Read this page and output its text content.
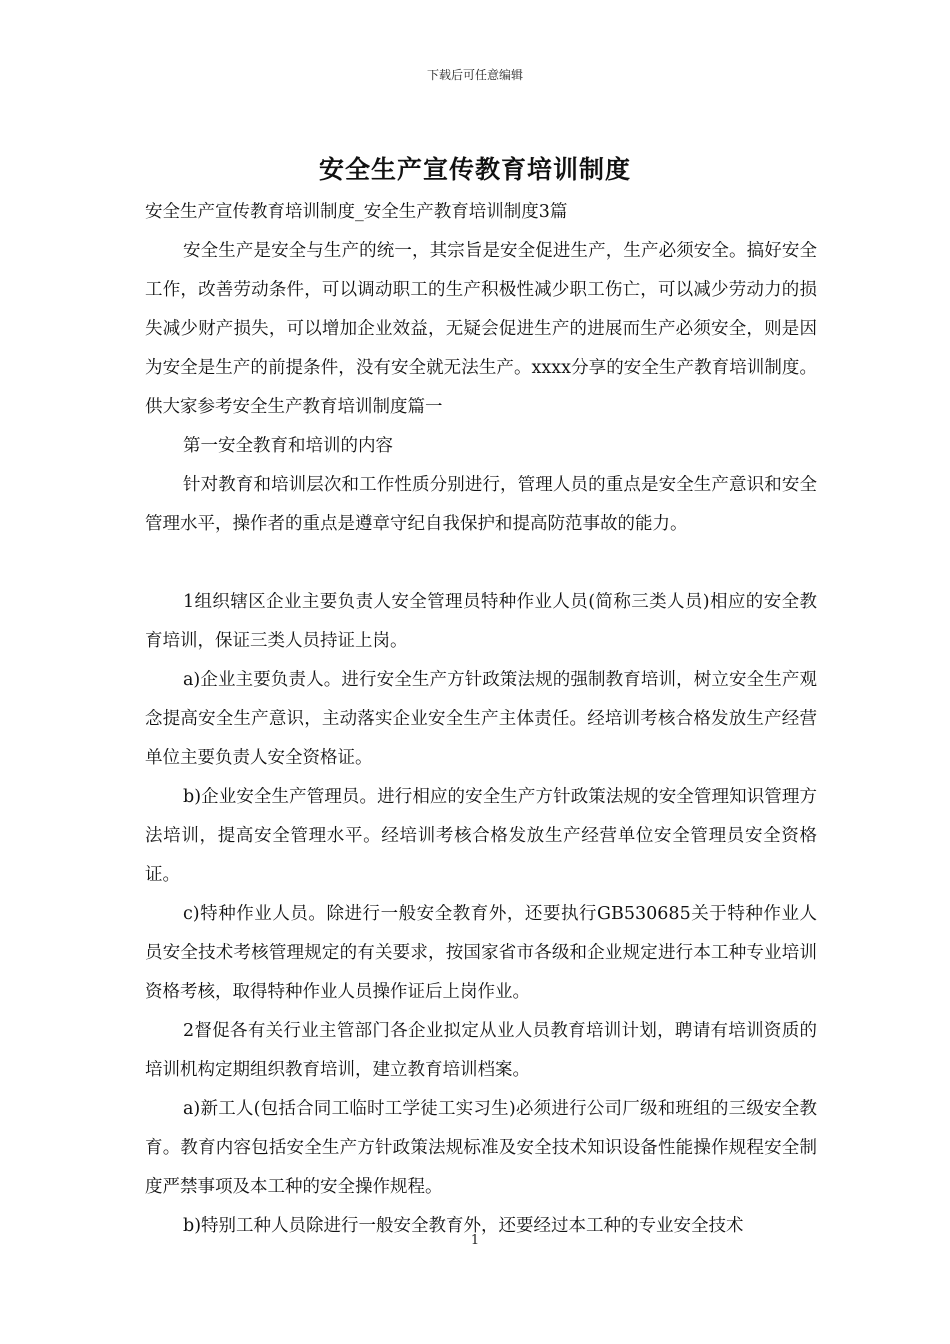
下载后可任意编辑
安全生产宣传教育培训制度

安全生产宣传教育培训制度_安全生产教育培训制度3篇

安全生产是安全与生产的统一，其宗旨是安全促进生产，生产必须安全。搞好安全工作，改善劳动条件，可以调动职工的生产积极性减少职工伤亡，可以减少劳动力的损失减少财产损失，可以增加企业效益，无疑会促进生产的进展而生产必须安全，则是因为安全是生产的前提条件，没有安全就无法生产。xxxx分享的安全生产教育培训制度。供大家参考安全生产教育培训制度篇一

第一安全教育和培训的内容

针对教育和培训层次和工作性质分别进行，管理人员的重点是安全生产意识和安全管理水平，操作者的重点是遵章守纪自我保护和提高防范事故的能力。

1组织辖区企业主要负责人安全管理员特种作业人员(简称三类人员)相应的安全教育培训，保证三类人员持证上岗。

a)企业主要负责人。进行安全生产方针政策法规的强制教育培训，树立安全生产观念提高安全生产意识，主动落实企业安全生产主体责任。经培训考核合格发放生产经营单位主要负责人安全资格证。

b)企业安全生产管理员。进行相应的安全生产方针政策法规的安全管理知识管理方法培训，提高安全管理水平。经培训考核合格发放生产经营单位安全管理员安全资格证。

c)特种作业人员。除进行一般安全教育外，还要执行GB530685关于特种作业人员安全技术考核管理规定的有关要求，按国家省市各级和企业规定进行本工种专业培训资格考核，取得特种作业人员操作证后上岗作业。

2督促各有关行业主管部门各企业拟定从业人员教育培训计划，聘请有培训资质的培训机构定期组织教育培训，建立教育培训档案。

a)新工人(包括合同工临时工学徒工实习生)必须进行公司厂级和班组的三级安全教育。教育内容包括安全生产方针政策法规标准及安全技术知识设备性能操作规程安全制度严禁事项及本工种的安全操作规程。

b)特别工种人员除进行一般安全教育外，还要经过本工种的专业安全技术

1
